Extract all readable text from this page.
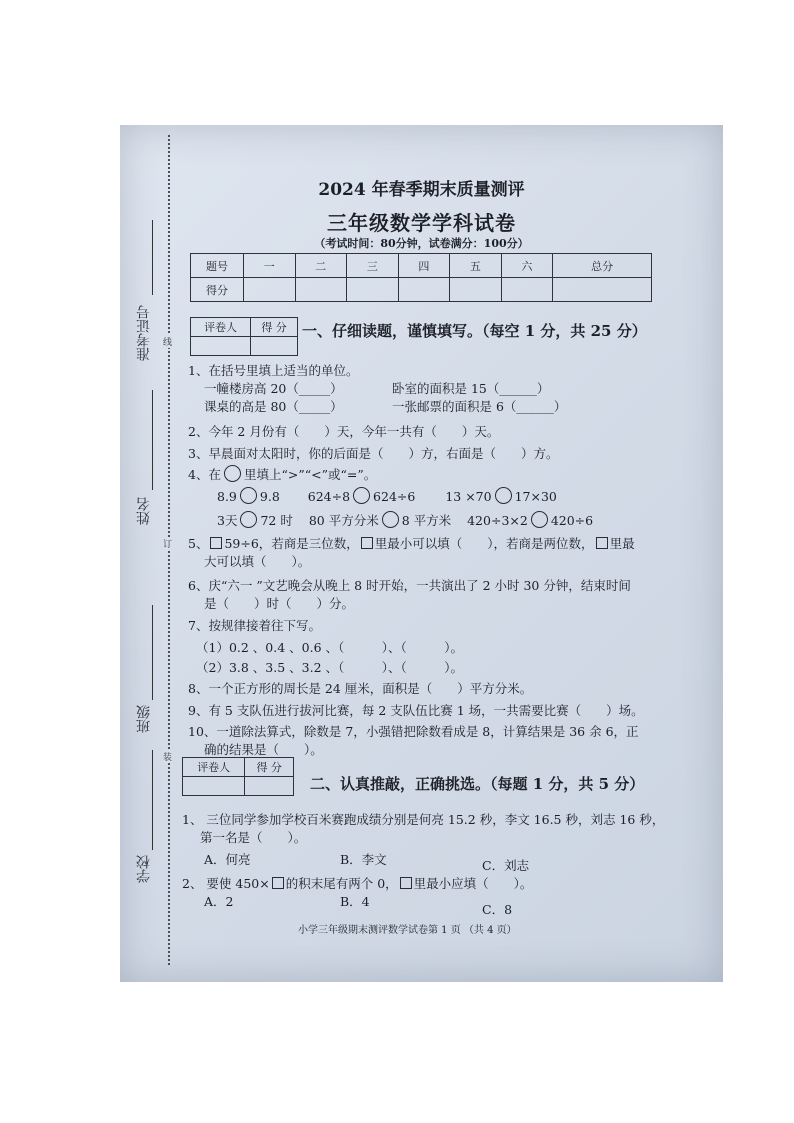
准考证号
姓名
班级
学校
线
订
装
2024 年春季期末质量测评
三年级数学学科试卷
（考试时间：80分钟，试卷满分：100分）
题号	一	二	三	四	五	六	总分
得分							
评卷人	得 分
	一、仔细读题，谨慎填写。（每空 1 分，共 25 分）
1、在括号里填上适当的单位。
一幢楼房高 20（_____）	卧室的面积是 15（______）
课桌的高是 80（_____）	一张邮票的面积是 6（______）
2、今年 2 月份有（　　）天，今年一共有（　　）天。
3、早晨面对太阳时，你的后面是（　　）方，右面是（　　）方。
4、在 里填上“>”“<”或“=”。
8.9 9.8 624÷8 624÷6 13 ×70 17×30
3天 72 时 80 平方分米 8 平方米 420÷3×2 420÷6
5、 59÷6，若商是三位数， 里最小可以填（　　），若商是两位数， 里最
大可以填（　　）。
6、庆“六一 ”文艺晚会从晚上 8 时开始，一共演出了 2 小时 30 分钟，结束时间
是（　　）时（　　）分。
7、按规律接着往下写。
（1）0.2 、0.4 、0.6 、（　　　）、（　　　）。
（2）3.8 、3.5 、3.2 、（　　　）、（　　　）。
8、一个正方形的周长是 24 厘米，面积是（　　）平方分米。
9、有 5 支队伍进行拔河比赛，每 2 支队伍比赛 1 场，一共需要比赛（　　）场。
10、一道除法算式，除数是 7，小强错把除数看成是 8，计算结果是 36 余 6，正
确的结果是（　　）。
评卷人	得 分

二、认真推敲，正确挑选。（每题 1 分，共 5 分）
1、 三位同学参加学校百米赛跑成绩分别是何亮 15.2 秒，李文 16.5 秒，刘志 16 秒，
第一名是（　　）。
A．何亮	B．李文	C．刘志
2、 要使 450× 的积末尾有两个 0， 里最小应填（　　）。
A．2	B．4
C．8
小学三年级期末测评数学试卷第 1 页 （共 4 页）
